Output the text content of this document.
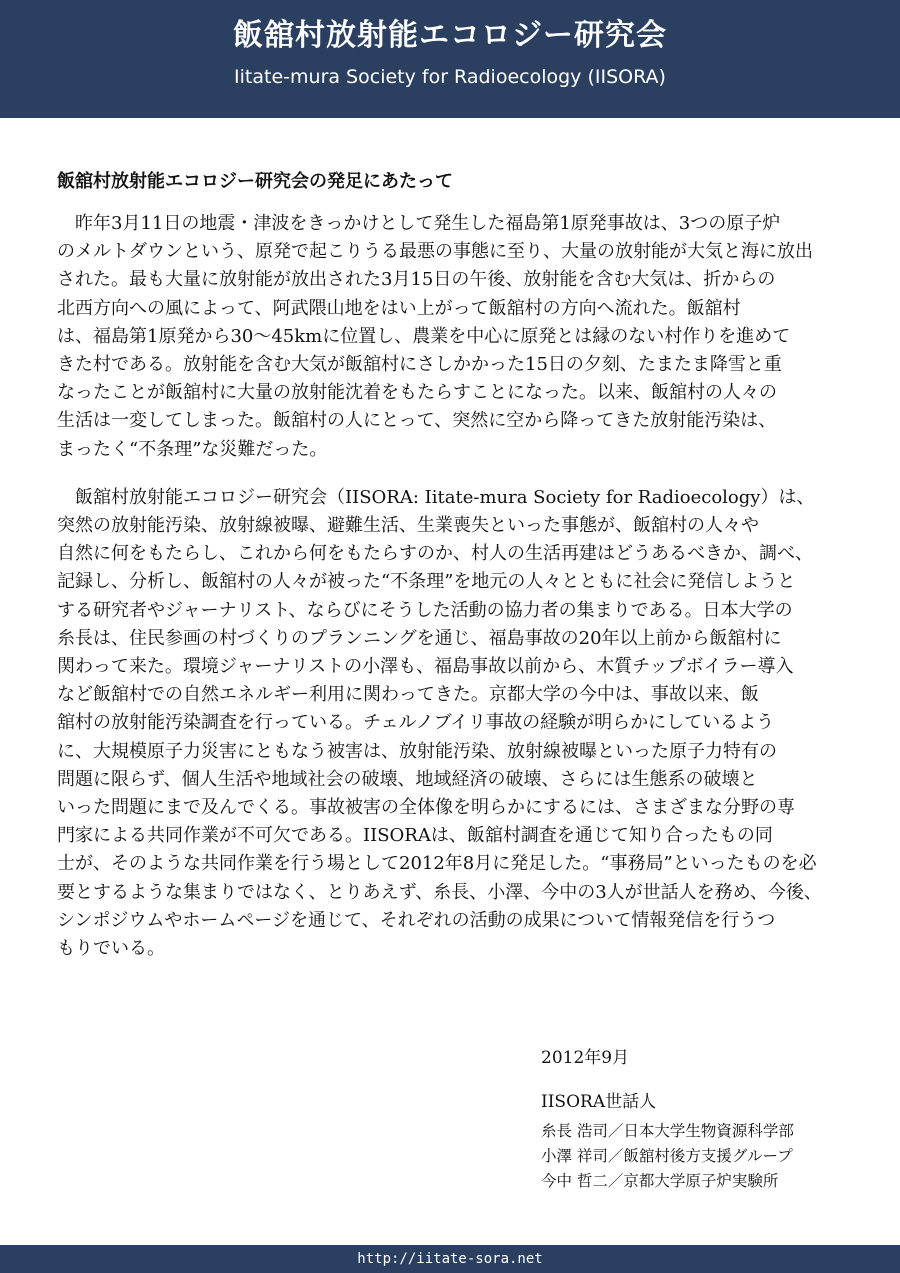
飯舘村放射能エコロジー研究会
Iitate-mura Society for Radioecology (IISORA)
飯舘村放射能エコロジー研究会の発足にあたって
　昨年3月11日の地震・津波をきっかけとして発生した福島第1原発事故は、3つの原子炉
のメルトダウンという、原発で起こりうる最悪の事態に至り、大量の放射能が大気と海に放出
された。最も大量に放射能が放出された3月15日の午後、放射能を含む大気は、折からの
北西方向への風によって、阿武隈山地をはい上がって飯舘村の方向へ流れた。飯舘村
は、福島第1原発から30～45kmに位置し、農業を中心に原発とは縁のない村作りを進めて
きた村である。放射能を含む大気が飯舘村にさしかかった15日の夕刻、たまたま降雪と重
なったことが飯舘村に大量の放射能沈着をもたらすことになった。以来、飯舘村の人々の
生活は一変してしまった。飯舘村の人にとって、突然に空から降ってきた放射能汚染は、
まったく“不条理”な災難だった。
　飯舘村放射能エコロジー研究会（IISORA: Iitate-mura Society for Radioecology）は、
突然の放射能汚染、放射線被曝、避難生活、生業喪失といった事態が、飯舘村の人々や
自然に何をもたらし、これから何をもたらすのか、村人の生活再建はどうあるべきか、調べ、
記録し、分析し、飯舘村の人々が被った“不条理”を地元の人々とともに社会に発信しようと
する研究者やジャーナリスト、ならびにそうした活動の協力者の集まりである。日本大学の
糸長は、住民参画の村づくりのプランニングを通じ、福島事故の20年以上前から飯舘村に
関わって来た。環境ジャーナリストの小澤も、福島事故以前から、木質チップボイラー導入
など飯舘村での自然エネルギー利用に関わってきた。京都大学の今中は、事故以来、飯
舘村の放射能汚染調査を行っている。チェルノブイリ事故の経験が明らかにしているよう
に、大規模原子力災害にともなう被害は、放射能汚染、放射線被曝といった原子力特有の
問題に限らず、個人生活や地域社会の破壊、地域経済の破壊、さらには生態系の破壊と
いった問題にまで及んでくる。事故被害の全体像を明らかにするには、さまざまな分野の専
門家による共同作業が不可欠である。IISORAは、飯舘村調査を通じて知り合ったもの同
士が、そのような共同作業を行う場として2012年8月に発足した。“事務局”といったものを必
要とするような集まりではなく、とりあえず、糸長、小澤、今中の3人が世話人を務め、今後、
シンポジウムやホームページを通じて、それぞれの活動の成果について情報発信を行うつ
もりでいる。
2012年9月
IISORA世話人
糸長 浩司／日本大学生物資源科学部
小澤 祥司／飯舘村後方支援グループ
今中 哲二／京都大学原子炉実験所
http://iitate-sora.net
